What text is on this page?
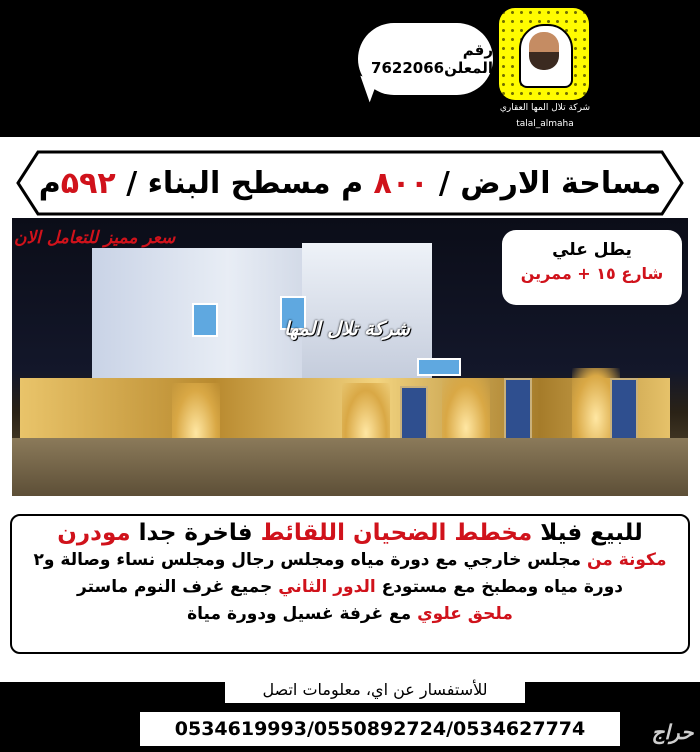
رقم المعلن7622066
شركة تلال المها العقاري
talal_almaha
مساحة الارض /

۸۰۰

م مسطح البناء /

۵۹۲
م
سعر مميز للتعامل الان
شركة تلال المها
يطل علي
شارع ١٥ + ممرين
للبيع فيلا مخطط الضحيان اللقائط فاخرة جدا مودرن
مكونة من مجلس خارجي مع دورة مياه ومجلس رجال ومجلس نساء وصالة و٢
دورة مياه ومطبخ مع مستودع الدور الثاني جميع غرف النوم ماستر
ملحق علوي مع غرفة غسيل ودورة مياة
للأستفسار عن اي، معلومات اتصل
0534619993/0550892724/0534627774	حراج
